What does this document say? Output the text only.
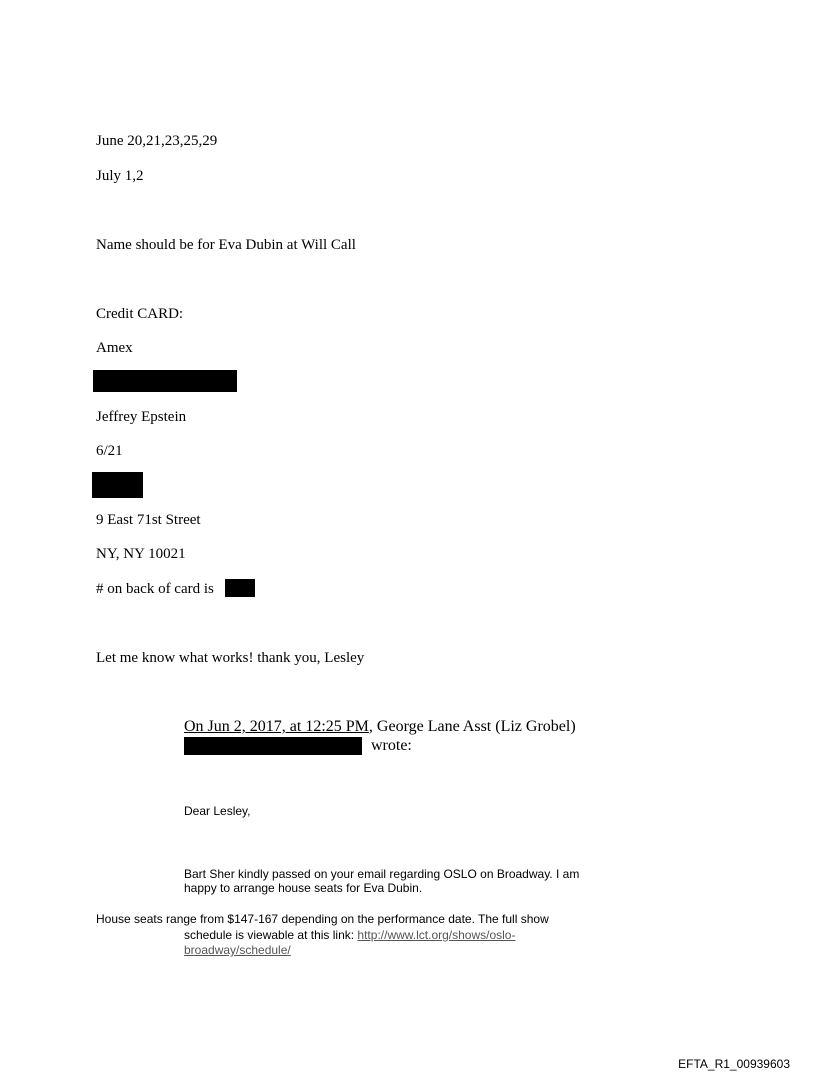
June 20,21,23,25,29
July 1,2
Name should be for Eva Dubin at Will Call
Credit CARD:
Amex
Jeffrey Epstein
6/21
9 East 71st Street
NY, NY 10021
# on back of card is
Let me know what works! thank you, Lesley
On Jun 2, 2017, at 12:25 PM, George Lane Asst (Liz Grobel)
wrote:
Dear Lesley,
Bart Sher kindly passed on your email regarding OSLO on Broadway. I am
happy to arrange house seats for Eva Dubin.
House seats range from $147-167 depending on the performance date. The full show
schedule is viewable at this link: http://www.lct.org/shows/oslo-
broadway/schedule/
EFTA_R1_00939603
